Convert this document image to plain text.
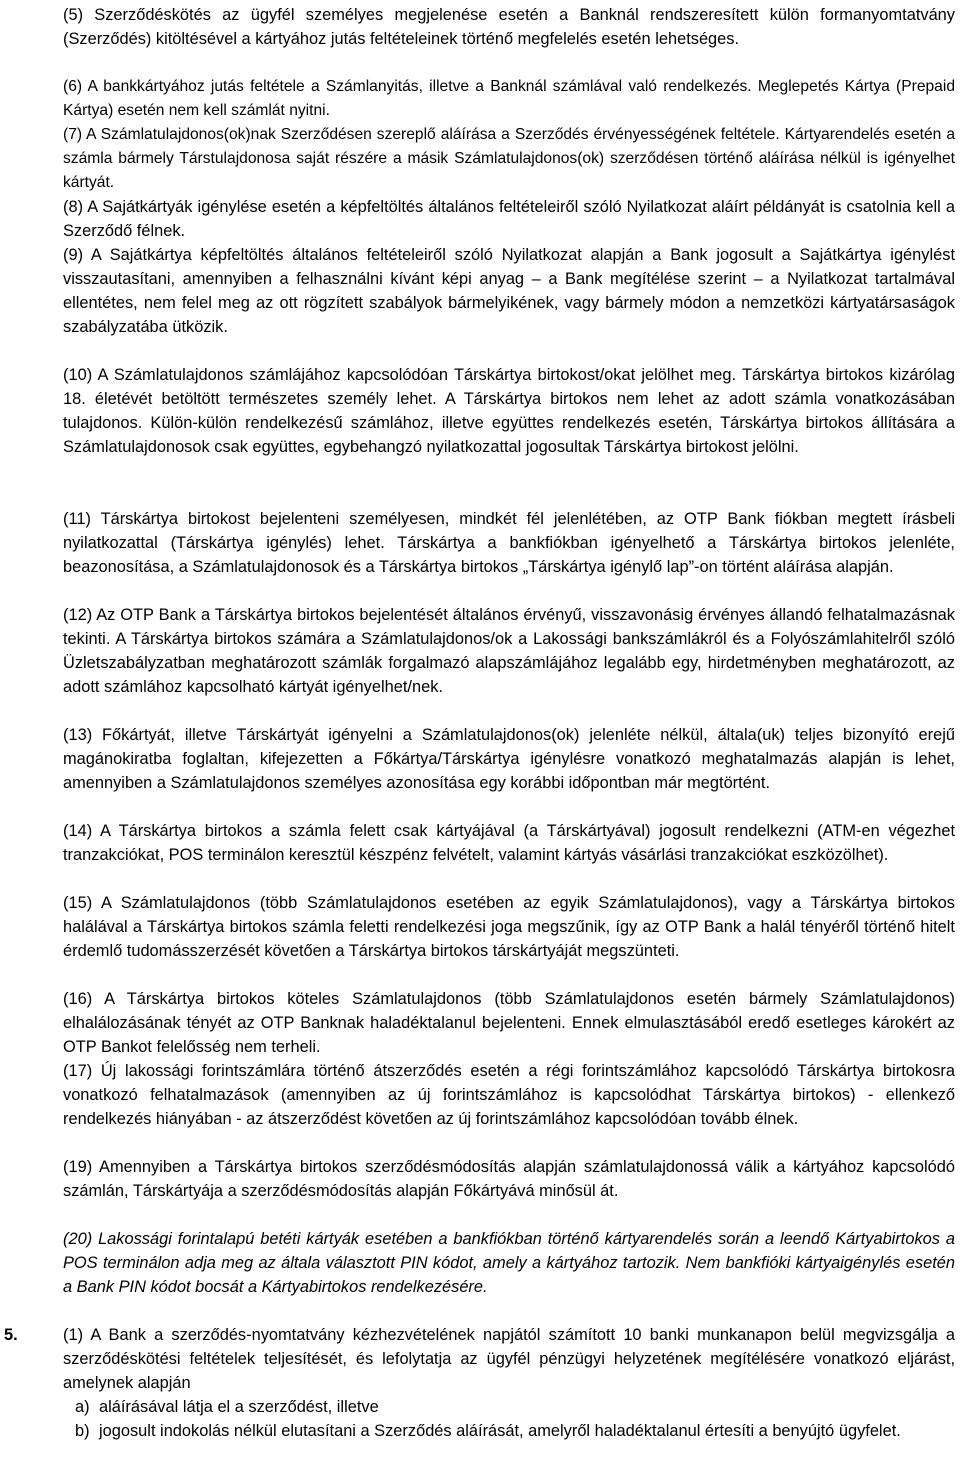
(5) Szerződéskötés az ügyfél személyes megjelenése esetén a Banknál rendszeresített külön formanyomtatvány (Szerződés) kitöltésével a kártyához jutás feltételeinek történő megfelelés esetén lehetséges.

(6) A bankkártyához jutás feltétele a Számlanyitás, illetve a Banknál számlával való rendelkezés. Meglepetés Kártya (Prepaid Kártya) esetén nem kell számlát nyitni.

(7) A Számlatulajdonos(ok)nak Szerződésen szereplő aláírása a Szerződés érvényességének feltétele. Kártyarendelés esetén a számla bármely Társtulajdonosa saját részére a másik Számlatulajdonos(ok) szerződésen történő aláírása nélkül is igényelhet kártyát.

(8) A Sajátkártyák igénylése esetén a képfeltöltés általános feltételeiről szóló Nyilatkozat aláírt példányát is csatolnia kell a Szerződő félnek.

(9) A Sajátkártya képfeltöltés általános feltételeiről szóló Nyilatkozat alapján a Bank jogosult a Sajátkártya igénylést visszautasítani, amennyiben a felhasználni kívánt képi anyag – a Bank megítélése szerint – a Nyilatkozat tartalmával ellentétes, nem felel meg az ott rögzített szabályok bármelyikének, vagy bármely módon a nemzetközi kártyatársaságok szabályzatába ütközik.

(10) A Számlatulajdonos számlájához kapcsolódóan Társkártya birtokost/okat jelölhet meg. Társkártya birtokos kizárólag 18. életévét betöltött természetes személy lehet. A Társkártya birtokos nem lehet az adott számla vonatkozásában tulajdonos. Külön-külön rendelkezésű számlához, illetve együttes rendelkezés esetén, Társkártya birtokos állítására a Számlatulajdonosok csak együttes, egybehangzó nyilatkozattal jogosultak Társkártya birtokost jelölni.

(11) Társkártya birtokost bejelenteni személyesen, mindkét fél jelenlétében, az OTP Bank fiókban megtett írásbeli nyilatkozattal (Társkártya igénylés) lehet. Társkártya a bankfiókban igényelhető a Társkártya birtokos jelenléte, beazonosítása, a Számlatulajdonosok és a Társkártya birtokos „Társkártya igénylő lap”-on történt aláírása alapján.

(12) Az OTP Bank a Társkártya birtokos bejelentését általános érvényű, visszavonásig érvényes állandó felhatalmazásnak tekinti. A Társkártya birtokos számára a Számlatulajdonos/ok a Lakossági bankszámlákról és a Folyószámlahitelről szóló Üzletszabályzatban meghatározott számlák forgalmazó alapszámlájához legalább egy, hirdetményben meghatározott, az adott számlához kapcsolható kártyát igényelhet/nek.

(13) Főkártyát, illetve Társkártyát igényelni a Számlatulajdonos(ok) jelenléte nélkül, általa(uk) teljes bizonyító erejű magánokiratba foglaltan, kifejezetten a Főkártya/Társkártya igénylésre vonatkozó meghatalmazás alapján is lehet, amennyiben a Számlatulajdonos személyes azonosítása egy korábbi időpontban már megtörtént.

(14) A Társkártya birtokos a számla felett csak kártyájával (a Társkártyával) jogosult rendelkezni (ATM-en végezhet tranzakciókat, POS terminálon keresztül készpénz felvételt, valamint kártyás vásárlási tranzakciókat eszközölhet).

(15) A Számlatulajdonos (több Számlatulajdonos esetében az egyik Számlatulajdonos), vagy a Társkártya birtokos halálával a Társkártya birtokos számla feletti rendelkezési joga megszűnik, így az OTP Bank a halál tényéről történő hitelt érdemlő tudomásszerzését követően a Társkártya birtokos társkártyáját megszünteti.

(16) A Társkártya birtokos köteles Számlatulajdonos (több Számlatulajdonos esetén bármely Számlatulajdonos) elhalálozásának tényét az OTP Banknak haladéktalanul bejelenteni. Ennek elmulasztásából eredő esetleges károkért az OTP Bankot felelősség nem terheli.

(17) Új lakossági forintszámlára történő átszerződés esetén a régi forintszámlához kapcsolódó Társkártya birtokosra vonatkozó felhatalmazások (amennyiben az új forintszámlához is kapcsolódhat Társkártya birtokos) - ellenkező rendelkezés hiányában - az átszerződést követően az új forintszámlához kapcsolódóan tovább élnek.

(19) Amennyiben a Társkártya birtokos szerződésmódosítás alapján számlatulajdonossá válik a kártyához kapcsolódó számlán, Társkártyája a szerződésmódosítás alapján Főkártyává minősül át.

(20) Lakossági forintalapú betéti kártyák esetében a bankfiókban történő kártyarendelés során a leendő Kártyabirtokos a POS terminálon adja meg az általa választott PIN kódot, amely a kártyához tartozik. Nem bankfióki kártyaigénylés esetén a Bank PIN kódot bocsát a Kártyabirtokos rendelkezésére.

5.	(1) A Bank a szerződés-nyomtatvány kézhezvételének napjától számított 10 banki munkanapon belül megvizsgálja a szerződéskötési feltételek teljesítését, és lefolytatja az ügyfél pénzügyi helyzetének megítélésére vonatkozó eljárást, amelynek alapján

a) aláírásával látja el a szerződést, illetve
b) jogosult indokolás nélkül elutasítani a Szerződés aláírását, amelyről haladéktalanul értesíti a benyújtó ügyfelet.
